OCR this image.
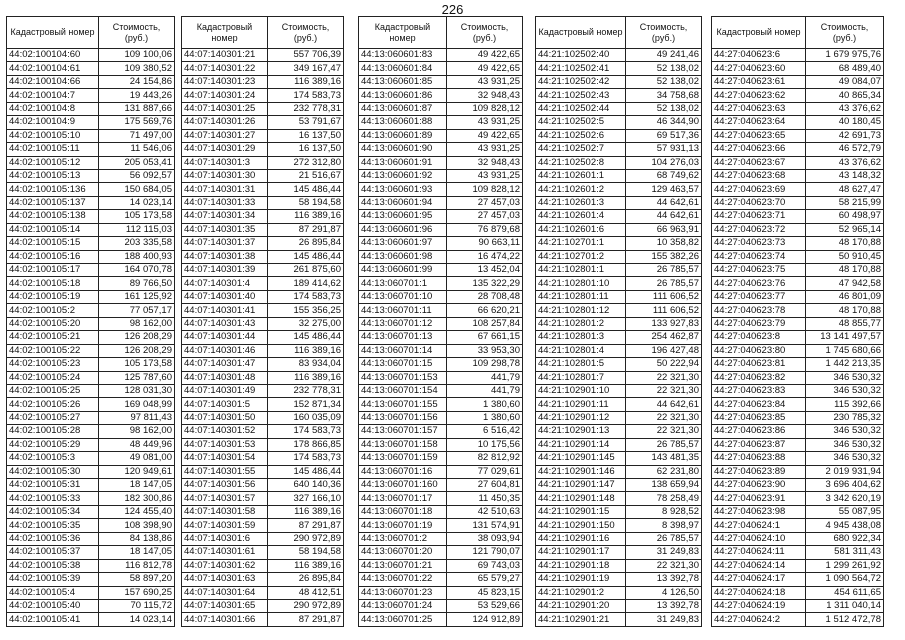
226
Кадастровый номер	Стоимость, (руб.)
44:02:100104:60	109 100,06
44:02:100104:61	109 380,52
44:02:100104:66	24 154,86
44:02:100104:7	19 443,26
44:02:100104:8	131 887,66
44:02:100104:9	175 569,76
44:02:100105:10	71 497,00
44:02:100105:11	11 546,06
44:02:100105:12	205 053,41
44:02:100105:13	56 092,57
44:02:100105:136	150 684,05
44:02:100105:137	14 023,14
44:02:100105:138	105 173,58
44:02:100105:14	112 115,03
44:02:100105:15	203 335,58
44:02:100105:16	188 400,93
44:02:100105:17	164 070,78
44:02:100105:18	89 766,50
44:02:100105:19	161 125,92
44:02:100105:2	77 057,17
44:02:100105:20	98 162,00
44:02:100105:21	126 208,29
44:02:100105:22	126 208,29
44:02:100105:23	105 173,58
44:02:100105:24	125 787,60
44:02:100105:25	128 031,30
44:02:100105:26	169 048,99
44:02:100105:27	97 811,43
44:02:100105:28	98 162,00
44:02:100105:29	48 449,96
44:02:100105:3	49 081,00
44:02:100105:30	120 949,61
44:02:100105:31	18 147,05
44:02:100105:33	182 300,86
44:02:100105:34	124 455,40
44:02:100105:35	108 398,90
44:02:100105:36	84 138,86
44:02:100105:37	18 147,05
44:02:100105:38	116 812,78
44:02:100105:39	58 897,20
44:02:100105:4	157 690,25
44:02:100105:40	70 115,72
44:02:100105:41	14 023,14
Кадастровый номер	Стоимость, (руб.)
44:07:140301:21	557 706,39
44:07:140301:22	349 167,47
44:07:140301:23	116 389,16
44:07:140301:24	174 583,73
44:07:140301:25	232 778,31
44:07:140301:26	53 791,67
44:07:140301:27	16 137,50
44:07:140301:29	16 137,50
44:07:140301:3	272 312,80
44:07:140301:30	21 516,67
44:07:140301:31	145 486,44
44:07:140301:33	58 194,58
44:07:140301:34	116 389,16
44:07:140301:35	87 291,87
44:07:140301:37	26 895,84
44:07:140301:38	145 486,44
44:07:140301:39	261 875,60
44:07:140301:4	189 414,62
44:07:140301:40	174 583,73
44:07:140301:41	155 356,25
44:07:140301:43	32 275,00
44:07:140301:44	145 486,44
44:07:140301:46	116 389,16
44:07:140301:47	83 934,04
44:07:140301:48	116 389,16
44:07:140301:49	232 778,31
44:07:140301:5	152 871,34
44:07:140301:50	160 035,09
44:07:140301:52	174 583,73
44:07:140301:53	178 866,85
44:07:140301:54	174 583,73
44:07:140301:55	145 486,44
44:07:140301:56	640 140,36
44:07:140301:57	327 166,10
44:07:140301:58	116 389,16
44:07:140301:59	87 291,87
44:07:140301:6	290 972,89
44:07:140301:61	58 194,58
44:07:140301:62	116 389,16
44:07:140301:63	26 895,84
44:07:140301:64	48 412,51
44:07:140301:65	290 972,89
44:07:140301:66	87 291,87
Кадастровый номер	Стоимость, (руб.)
44:13:060601:83	49 422,65
44:13:060601:84	49 422,65
44:13:060601:85	43 931,25
44:13:060601:86	32 948,43
44:13:060601:87	109 828,12
44:13:060601:88	43 931,25
44:13:060601:89	49 422,65
44:13:060601:90	43 931,25
44:13:060601:91	32 948,43
44:13:060601:92	43 931,25
44:13:060601:93	109 828,12
44:13:060601:94	27 457,03
44:13:060601:95	27 457,03
44:13:060601:96	76 879,68
44:13:060601:97	90 663,11
44:13:060601:98	16 474,22
44:13:060601:99	13 452,04
44:13:060701:1	135 322,29
44:13:060701:10	28 708,48
44:13:060701:11	66 620,21
44:13:060701:12	108 257,84
44:13:060701:13	67 661,15
44:13:060701:14	33 953,30
44:13:060701:15	109 298,78
44:13:060701:153	441,79
44:13:060701:154	441,79
44:13:060701:155	1 380,60
44:13:060701:156	1 380,60
44:13:060701:157	6 516,42
44:13:060701:158	10 175,56
44:13:060701:159	82 812,92
44:13:060701:16	77 029,61
44:13:060701:160	27 604,81
44:13:060701:17	11 450,35
44:13:060701:18	42 510,63
44:13:060701:19	131 574,91
44:13:060701:2	38 093,94
44:13:060701:20	121 790,07
44:13:060701:21	69 743,03
44:13:060701:22	65 579,27
44:13:060701:23	45 823,15
44:13:060701:24	53 529,66
44:13:060701:25	124 912,89
Кадастровый номер	Стоимость, (руб.)
44:21:102502:40	49 241,46
44:21:102502:41	52 138,02
44:21:102502:42	52 138,02
44:21:102502:43	34 758,68
44:21:102502:44	52 138,02
44:21:102502:5	46 344,90
44:21:102502:6	69 517,36
44:21:102502:7	57 931,13
44:21:102502:8	104 276,03
44:21:102601:1	68 749,62
44:21:102601:2	129 463,57
44:21:102601:3	44 642,61
44:21:102601:4	44 642,61
44:21:102601:6	66 963,91
44:21:102701:1	10 358,82
44:21:102701:2	155 382,26
44:21:102801:1	26 785,57
44:21:102801:10	26 785,57
44:21:102801:11	111 606,52
44:21:102801:12	111 606,52
44:21:102801:2	133 927,83
44:21:102801:3	254 462,87
44:21:102801:4	196 427,48
44:21:102801:5	50 222,94
44:21:102801:7	22 321,30
44:21:102901:10	22 321,30
44:21:102901:11	44 642,61
44:21:102901:12	22 321,30
44:21:102901:13	22 321,30
44:21:102901:14	26 785,57
44:21:102901:145	143 481,35
44:21:102901:146	62 231,80
44:21:102901:147	138 659,94
44:21:102901:148	78 258,49
44:21:102901:15	8 928,52
44:21:102901:150	8 398,97
44:21:102901:16	26 785,57
44:21:102901:17	31 249,83
44:21:102901:18	22 321,30
44:21:102901:19	13 392,78
44:21:102901:2	4 126,50
44:21:102901:20	13 392,78
44:21:102901:21	31 249,83
Кадастровый номер	Стоимость, (руб.)
44:27:040623:6	1 679 975,76
44:27:040623:60	68 489,40
44:27:040623:61	49 084,07
44:27:040623:62	40 865,34
44:27:040623:63	43 376,62
44:27:040623:64	40 180,45
44:27:040623:65	42 691,73
44:27:040623:66	46 572,79
44:27:040623:67	43 376,62
44:27:040623:68	43 148,32
44:27:040623:69	48 627,47
44:27:040623:70	58 215,99
44:27:040623:71	60 498,97
44:27:040623:72	52 965,14
44:27:040623:73	48 170,88
44:27:040623:74	50 910,45
44:27:040623:75	48 170,88
44:27:040623:76	47 942,58
44:27:040623:77	46 801,09
44:27:040623:78	48 170,88
44:27:040623:79	48 855,77
44:27:040623:8	13 141 497,57
44:27:040623:80	1 745 680,66
44:27:040623:81	1 442 213,35
44:27:040623:82	346 530,32
44:27:040623:83	346 530,32
44:27:040623:84	115 392,66
44:27:040623:85	230 785,32
44:27:040623:86	346 530,32
44:27:040623:87	346 530,32
44:27:040623:88	346 530,32
44:27:040623:89	2 019 931,94
44:27:040623:90	3 696 404,62
44:27:040623:91	3 342 620,19
44:27:040623:98	55 087,95
44:27:040624:1	4 945 438,08
44:27:040624:10	680 922,34
44:27:040624:11	581 311,43
44:27:040624:14	1 299 261,92
44:27:040624:17	1 090 564,72
44:27:040624:18	454 611,65
44:27:040624:19	1 311 040,14
44:27:040624:2	1 512 472,78
